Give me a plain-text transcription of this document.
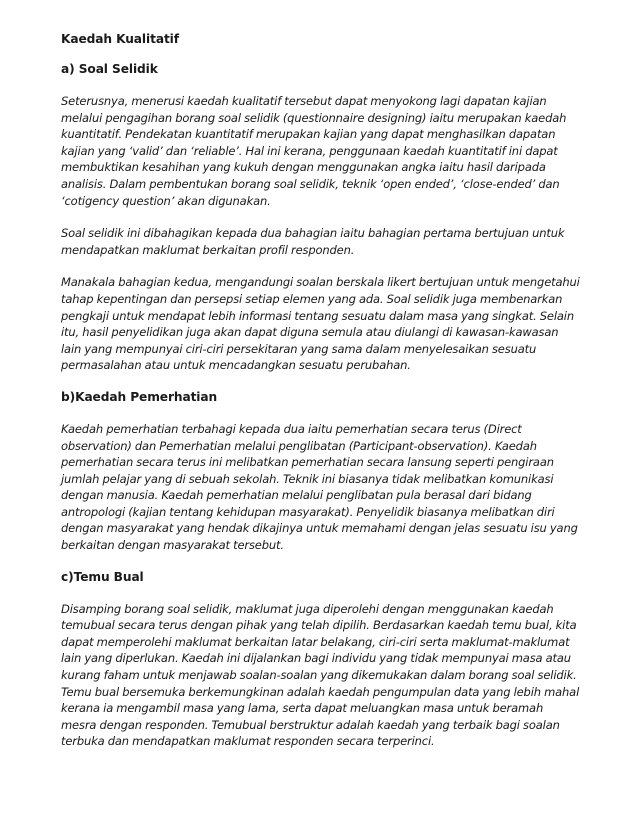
Kaedah Kualitatif

a) Soal Selidik

Seterusnya, menerusi kaedah kualitatif tersebut dapat menyokong lagi dapatan kajian melalui pengagihan borang soal selidik (questionnaire designing) iaitu merupakan kaedah kuantitatif. Pendekatan kuantitatif merupakan kajian yang dapat menghasilkan dapatan kajian yang ‘valid’ dan ‘reliable’. Hal ini kerana, penggunaan kaedah kuantitatif ini dapat membuktikan kesahihan yang kukuh dengan menggunakan angka iaitu hasil daripada analisis. Dalam pembentukan borang soal selidik, teknik ‘open ended’, ‘close-ended’ dan ‘cotigency question’ akan digunakan.

Soal selidik ini dibahagikan kepada dua bahagian iaitu bahagian pertama bertujuan untuk mendapatkan maklumat berkaitan profil responden.

Manakala bahagian kedua, mengandungi soalan berskala likert bertujuan untuk mengetahui tahap kepentingan dan persepsi setiap elemen yang ada. Soal selidik juga membenarkan pengkaji untuk mendapat lebih informasi tentang sesuatu dalam masa yang singkat. Selain itu, hasil penyelidikan juga akan dapat diguna semula atau diulangi di kawasan-kawasan lain yang mempunyai ciri-ciri persekitaran yang sama dalam menyelesaikan sesuatu permasalahan atau untuk mencadangkan sesuatu perubahan.

b)Kaedah Pemerhatian

Kaedah pemerhatian terbahagi kepada dua iaitu pemerhatian secara terus (Direct observation) dan Pemerhatian melalui penglibatan (Participant-observation). Kaedah pemerhatian secara terus ini melibatkan pemerhatian secara lansung seperti pengiraan jumlah pelajar yang di sebuah sekolah. Teknik ini biasanya tidak melibatkan komunikasi dengan manusia. Kaedah pemerhatian melalui penglibatan pula berasal dari bidang antropologi (kajian tentang kehidupan masyarakat). Penyelidik biasanya melibatkan diri dengan masyarakat yang hendak dikajinya untuk memahami dengan jelas sesuatu isu yang berkaitan dengan masyarakat tersebut.

c)Temu Bual

Disamping borang soal selidik, maklumat juga diperolehi dengan menggunakan kaedah temubual secara terus dengan pihak yang telah dipilih. Berdasarkan kaedah temu bual, kita dapat memperolehi maklumat berkaitan latar belakang, ciri-ciri serta maklumat-maklumat lain yang diperlukan. Kaedah ini dijalankan bagi individu yang tidak mempunyai masa atau kurang faham untuk menjawab soalan-soalan yang dikemukakan dalam borang soal selidik. Temu bual bersemuka berkemungkinan adalah kaedah pengumpulan data yang lebih mahal kerana ia mengambil masa yang lama, serta dapat meluangkan masa untuk beramah mesra dengan responden. Temubual berstruktur adalah kaedah yang terbaik bagi soalan terbuka dan mendapatkan maklumat responden secara terperinci.
